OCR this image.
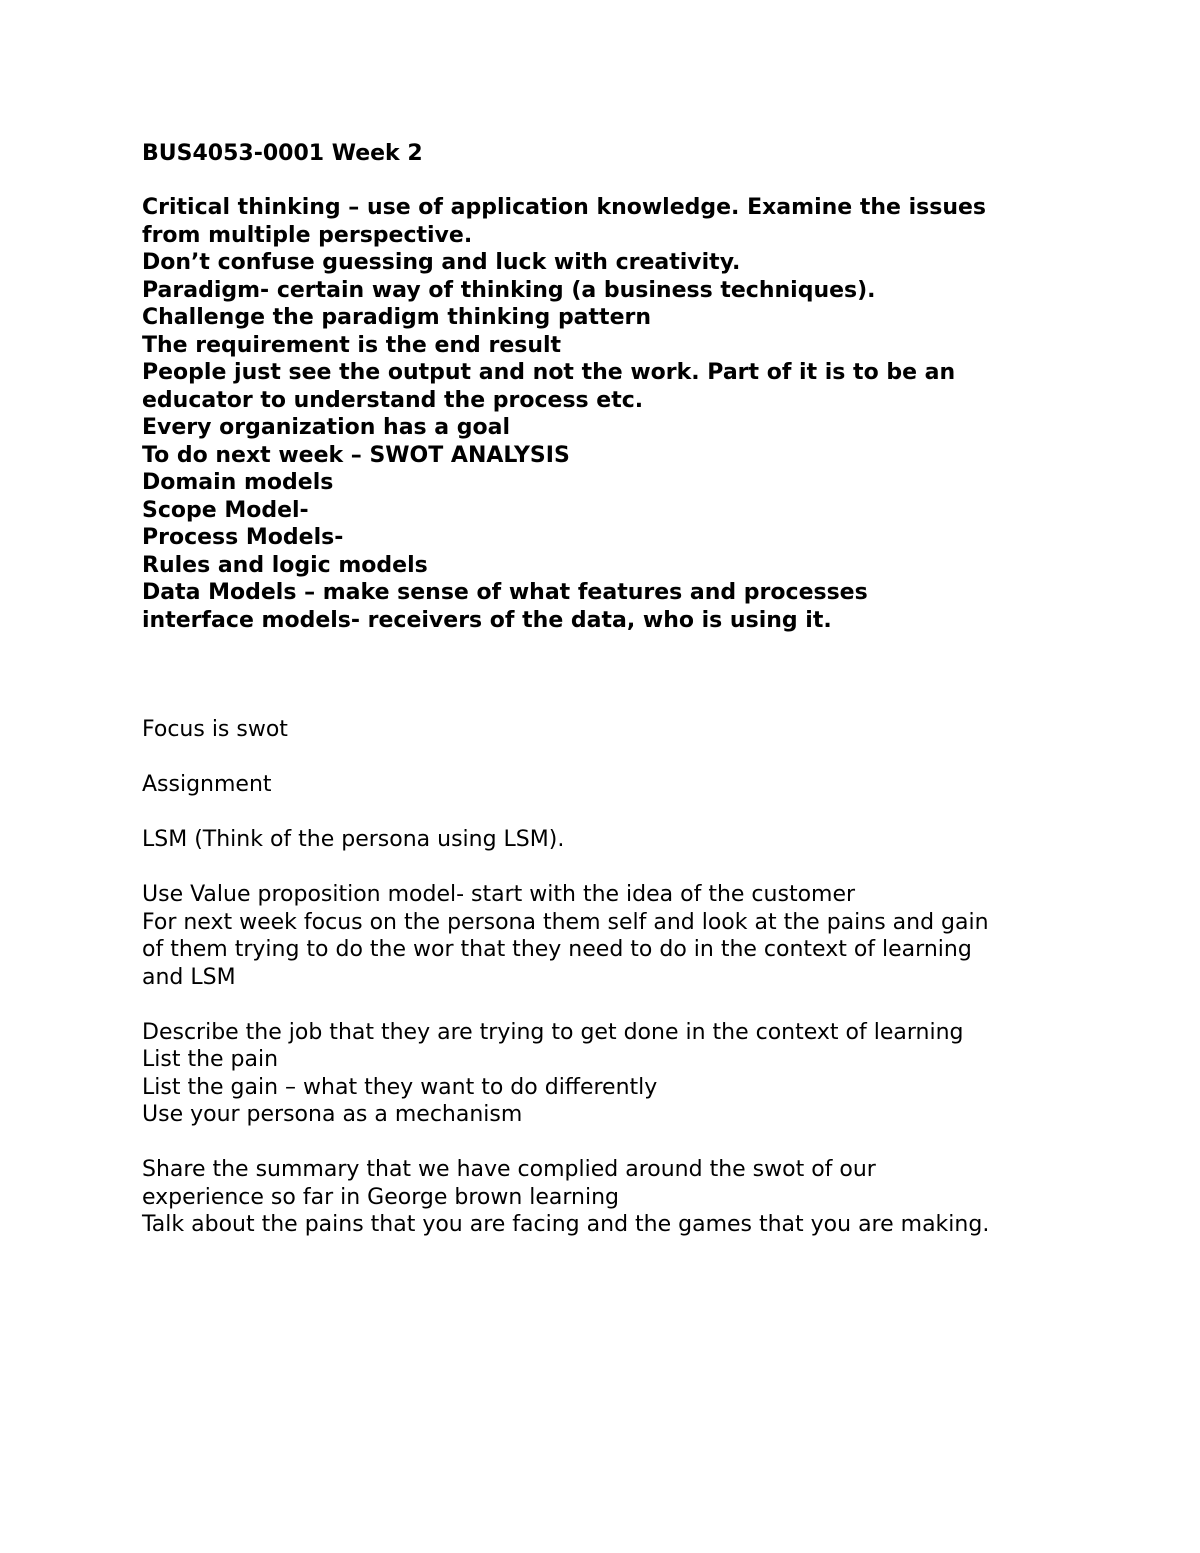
BUS4053-0001 Week 2
Critical thinking – use of application knowledge. Examine the issues
from multiple perspective.
Don’t confuse guessing and luck with creativity.
Paradigm- certain way of thinking (a business techniques).
Challenge the paradigm thinking pattern
The requirement is the end result
People just see the output and not the work. Part of it is to be an
educator to understand the process etc.
Every organization has a goal
To do next week – SWOT ANALYSIS
Domain models
Scope Model-
Process Models-
Rules and logic models
Data Models – make sense of what features and processes
interface models- receivers of the data, who is using it.
Focus is swot
Assignment
LSM (Think of the persona using LSM).
Use Value proposition model- start with the idea of the customer
For next week focus on the persona them self and look at the pains and gain
of them trying to do the wor that they need to do in the context of learning
and LSM
Describe the job that they are trying to get done in the context of learning
List the pain
List the gain – what they want to do differently
Use your persona as a mechanism
Share the summary that we have complied around the swot of our
experience so far in George brown learning
Talk about the pains that you are facing and the games that you are making.
